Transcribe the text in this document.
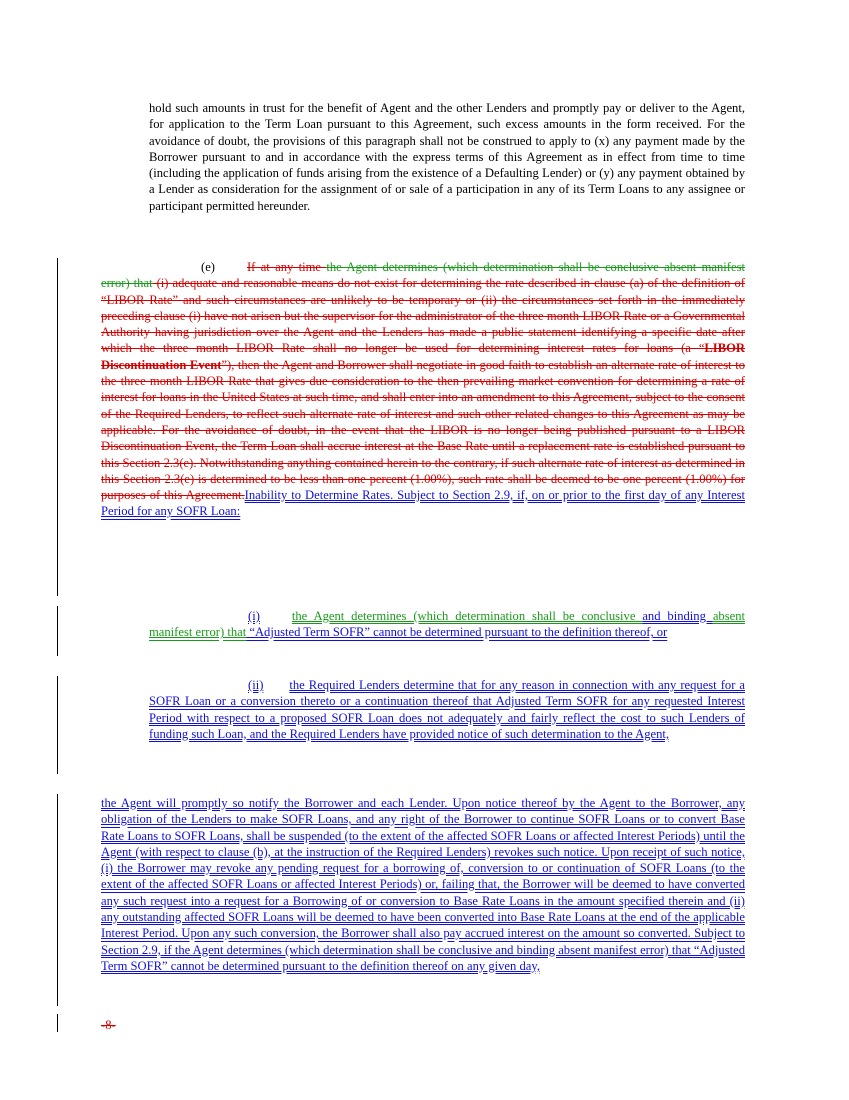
hold such amounts in trust for the benefit of Agent and the other Lenders and promptly pay or deliver to the Agent, for application to the Term Loan pursuant to this Agreement, such excess amounts in the form received. For the avoidance of doubt, the provisions of this paragraph shall not be construed to apply to (x) any payment made by the Borrower pursuant to and in accordance with the express terms of this Agreement as in effect from time to time (including the application of funds arising from the existence of a Defaulting Lender) or (y) any payment obtained by a Lender as consideration for the assignment of or sale of a participation in any of its Term Loans to any assignee or participant permitted hereunder.
(e)	If at any time the Agent determines (which determination shall be conclusive absent manifest error) that (i) adequate and reasonable means do not exist for determining the rate described in clause (a) of the definition of “LIBOR Rate” and such circumstances are unlikely to be temporary or (ii) the circumstances set forth in the immediately preceding clause (i) have not arisen but the supervisor for the administrator of the three month LIBOR Rate or a Governmental Authority having jurisdiction over the Agent and the Lenders has made a public statement identifying a specific date after which the three month LIBOR Rate shall no longer be used for determining interest rates for loans (a “LIBOR Discontinuation Event”), then the Agent and Borrower shall negotiate in good faith to establish an alternate rate of interest to the three month LIBOR Rate that gives due consideration to the then prevailing market convention for determining a rate of interest for loans in the United States at such time, and shall enter into an amendment to this Agreement, subject to the consent of the Required Lenders, to reflect such alternate rate of interest and such other related changes to this Agreement as may be applicable. For the avoidance of doubt, in the event that the LIBOR is no longer being published pursuant to a LIBOR Discontinuation Event, the Term Loan shall accrue interest at the Base Rate until a replacement rate is established pursuant to this Section 2.3(e). Notwithstanding anything contained herein to the contrary, if such alternate rate of interest as determined in this Section 2.3(e) is determined to be less than one percent (1.00%), such rate shall be deemed to be one percent (1.00%) for purposes of this Agreement.Inability to Determine Rates. Subject to Section 2.9, if, on or prior to the first day of any Interest Period for any SOFR Loan:
(i)	the Agent determines (which determination shall be conclusive and binding absent manifest error) that “Adjusted Term SOFR” cannot be determined pursuant to the definition thereof, or
(ii) the Required Lenders determine that for any reason in connection with any request for a SOFR Loan or a conversion thereto or a continuation thereof that Adjusted Term SOFR for any requested Interest Period with respect to a proposed SOFR Loan does not adequately and fairly reflect the cost to such Lenders of funding such Loan, and the Required Lenders have provided notice of such determination to the Agent,
the Agent will promptly so notify the Borrower and each Lender. Upon notice thereof by the Agent to the Borrower, any obligation of the Lenders to make SOFR Loans, and any right of the Borrower to continue SOFR Loans or to convert Base Rate Loans to SOFR Loans, shall be suspended (to the extent of the affected SOFR Loans or affected Interest Periods) until the Agent (with respect to clause (b), at the instruction of the Required Lenders) revokes such notice. Upon receipt of such notice, (i) the Borrower may revoke any pending request for a borrowing of, conversion to or continuation of SOFR Loans (to the extent of the affected SOFR Loans or affected Interest Periods) or, failing that, the Borrower will be deemed to have converted any such request into a request for a Borrowing of or conversion to Base Rate Loans in the amount specified therein and (ii) any outstanding affected SOFR Loans will be deemed to have been converted into Base Rate Loans at the end of the applicable Interest Period. Upon any such conversion, the Borrower shall also pay accrued interest on the amount so converted. Subject to Section 2.9, if the Agent determines (which determination shall be conclusive and binding absent manifest error) that “Adjusted Term SOFR” cannot be determined pursuant to the definition thereof on any given day,
-8-
